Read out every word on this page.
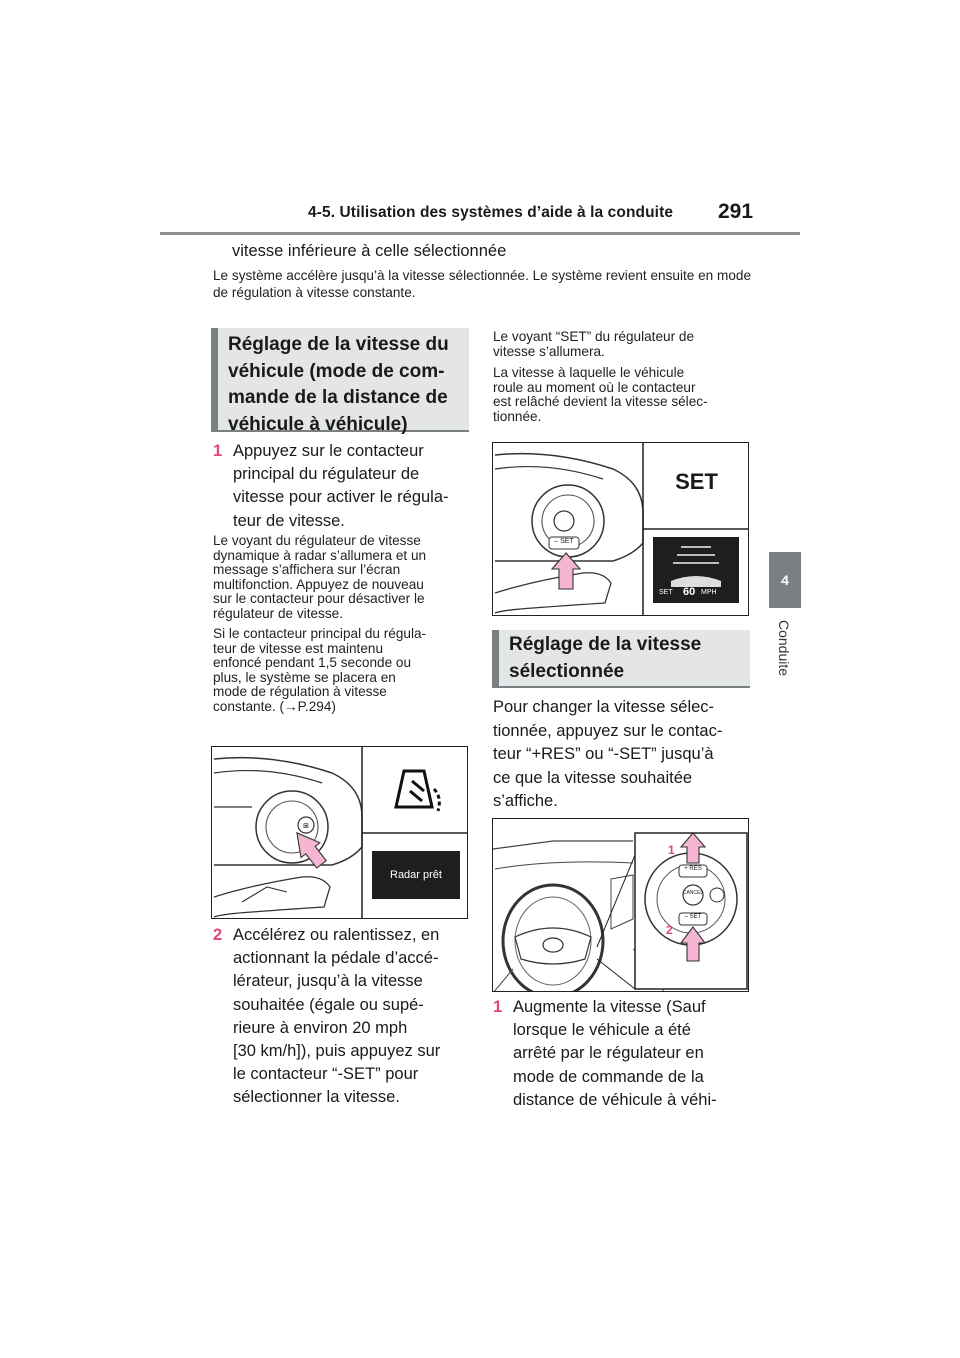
4-5. Utilisation des systèmes d’aide à la conduite 291
4
Conduite
vitesse inférieure à celle sélectionnée
Le système accélère jusqu’à la vitesse sélectionnée. Le système revient ensuite en mode de régulation à vitesse constante.
Réglage de la vitesse du
véhicule (mode de com-
mande de la distance de
véhicule à véhicule)
1 Appuyez sur le contacteur
principal du régulateur de
vitesse pour activer le régula-
teur de vitesse.
Le voyant du régulateur de vitesse
dynamique à radar s’allumera et un
message s’affichera sur l’écran
multifonction. Appuyez de nouveau
sur le contacteur pour désactiver le
régulateur de vitesse.
Si le contacteur principal du régula-
teur de vitesse est maintenu
enfoncé pendant 1,5 seconde ou
plus, le système se placera en
mode de régulation à vitesse
constante. (→P.294)
⊞
Radar prêt
2 Accélérez ou ralentissez, en
actionnant la pédale d’accé-
lérateur, jusqu’à la vitesse
souhaitée (égale ou supé-
rieure à environ 20 mph
[30 km/h]), puis appuyez sur
le contacteur “-SET” pour
sélectionner la vitesse.
Le voyant “SET” du régulateur de
vitesse s’allumera.
La vitesse à laquelle le véhicule
roule au moment où le contacteur
est relâché devient la vitesse sélec-
tionnée.
SET
– SET
SET 60 MPH
Réglage de la vitesse
sélectionnée
Pour changer la vitesse sélec-
tionnée, appuyez sur le contac-
teur “+RES” ou “-SET” jusqu’à
ce que la vitesse souhaitée
s’affiche.
+ RES
CANCEL
– SET
1
2
1 Augmente la vitesse (Sauf
lorsque le véhicule a été
arrêté par le régulateur en
mode de commande de la
distance de véhicule à véhi-
